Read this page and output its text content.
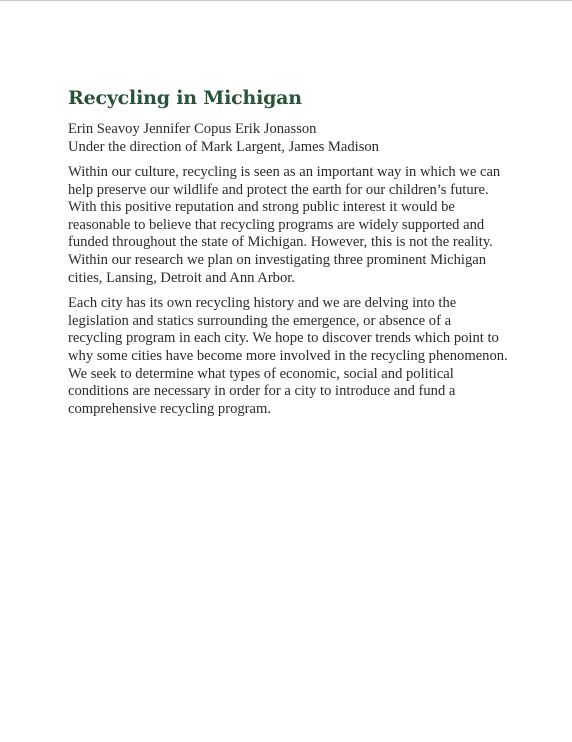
Recycling in Michigan

Erin Seavoy Jennifer Copus Erik Jonasson

Under the direction of Mark Largent, James Madison

Within our culture, recycling is seen as an important way in which we can help preserve our wildlife and protect the earth for our children’s future. With this positive reputation and strong public interest it would be reasonable to believe that recycling programs are widely supported and funded throughout the state of Michigan. However, this is not the reality. Within our research we plan on investigating three prominent Michigan cities, Lansing, Detroit and Ann Arbor.

Each city has its own recycling history and we are delving into the legislation and statics surrounding the emergence, or absence of a recycling program in each city. We hope to discover trends which point to why some cities have become more involved in the recycling phenomenon. We seek to determine what types of economic, social and political conditions are necessary in order for a city to introduce and fund a comprehensive recycling program.
